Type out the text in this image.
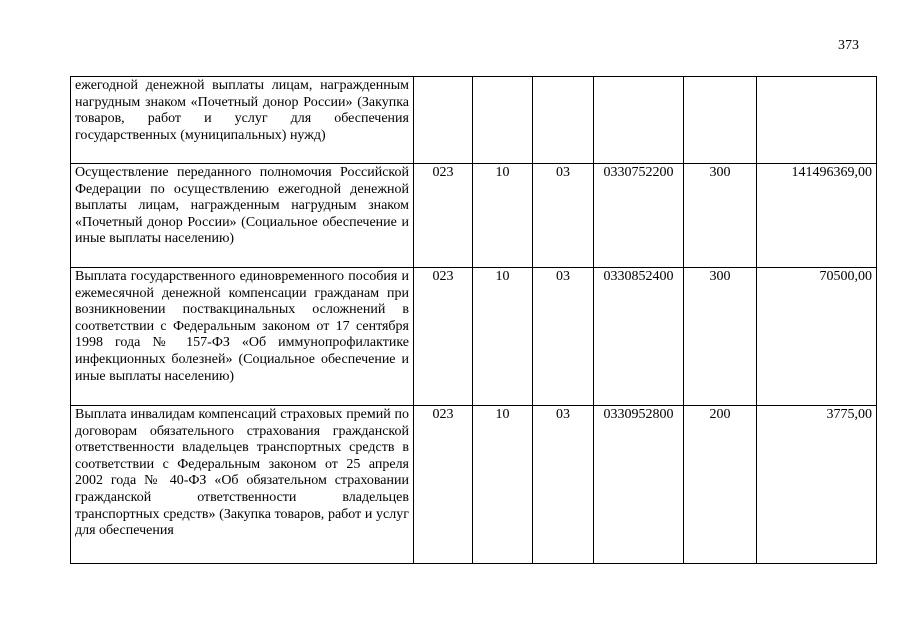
373
ежегодной денежной выплаты лицам, награжденным нагрудным знаком «Почетный донор России» (Закупка товаров, работ и услуг для обеспечения государственных (муниципальных) нужд)						
Осуществление переданного полномочия Российской Федерации по осуществлению ежегодной денежной выплаты лицам, награжденным нагрудным знаком «Почетный донор России» (Социальное обеспечение и иные выплаты населению)	023	10	03	0330752200	300	141496369,00
Выплата государственного единовременного пособия и ежемесячной денежной компенсации гражданам при возникновении поствакцинальных осложнений в соответствии с Федеральным законом от 17 сентября 1998 года № 157-ФЗ «Об иммунопрофилактике инфекционных болезней» (Социальное обеспечение и иные выплаты населению)	023	10	03	0330852400	300	70500,00
Выплата инвалидам компенсаций страховых премий по договорам обязательного страхования гражданской ответственности владельцев транспортных средств в соответствии с Федеральным законом от 25 апреля 2002 года № 40-ФЗ «Об обязательном страховании гражданской ответственности владельцев транспортных средств» (Закупка товаров, работ и услуг для обеспечения	023	10	03	0330952800	200	3775,00
